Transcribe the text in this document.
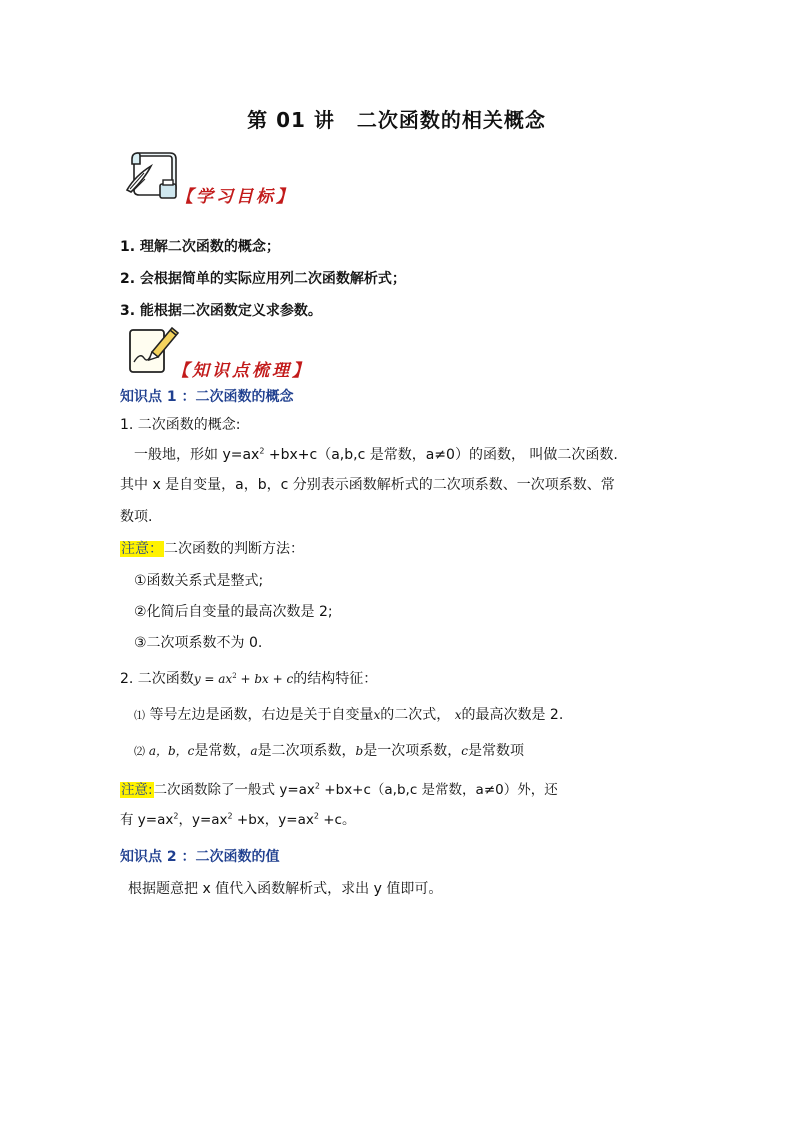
第 01 讲 二次函数的相关概念
【学习目标】
1. 理解二次函数的概念；
2. 会根据简单的实际应用列二次函数解析式；
3. 能根据二次函数定义求参数。
【知识点梳理】
知识点 1 ：二次函数的概念
1. 二次函数的概念:
一般地，形如 $y=ax^2 +bx+c(a,b,c$ 是常数，a≠0）的函数， 叫做二次函数.
其中 x 是自变量，a，b，c 分别表示函数解析式的二次项系数、一次项系数、常
数项.
注意：二次函数的判断方法：
①函数关系式是整式;
②化简后自变量的最高次数是 2;
③二次项系数不为 0.
2. 二次函数$y = ax^2$ + bx + c的结构特征：
⑴ 等号左边是函数，右边是关于自变量x的二次式， x的最高次数是 2.
⑵ a，b，c是常数，a是二次项系数，b是一次项系数，c是常数项
注意:二次函数除了一般式 $y=ax^2 +bx+c(a,b,c$ 是常数，a≠0）外，还
有 $y=ax^2$，$y=ax^2 +bx$，$y=ax^2 +c$。
知识点 2 ：二次函数的值
根据题意把 x 值代入函数解析式，求出 y 值即可。
